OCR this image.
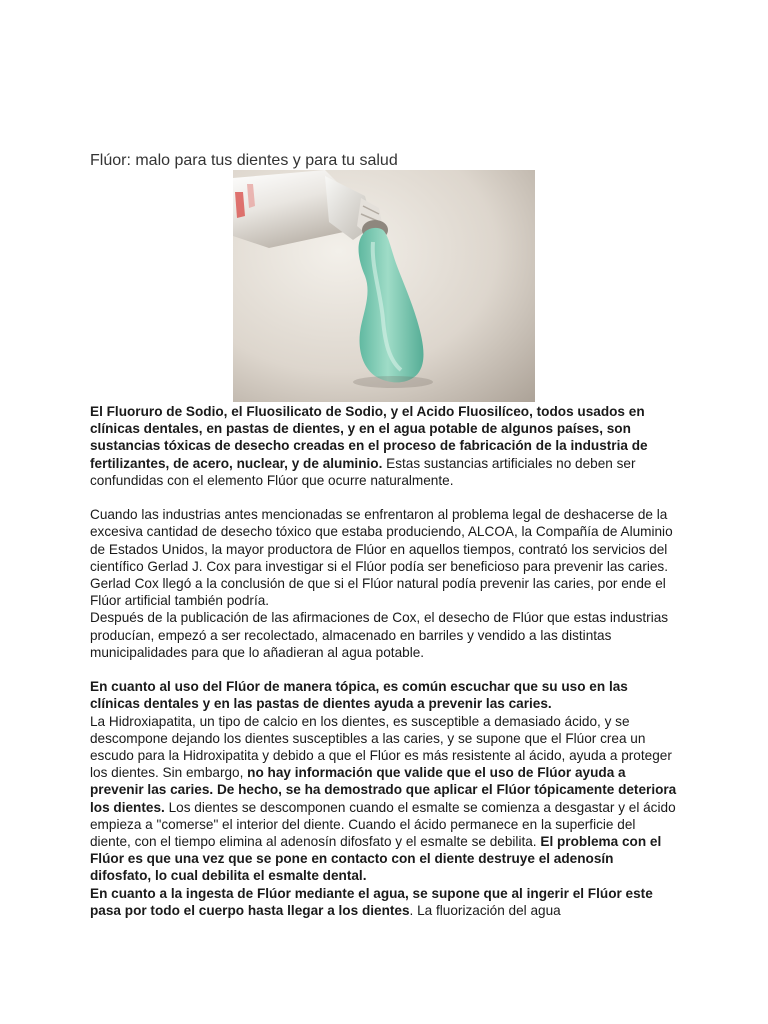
Flúor: malo para tus dientes y para tu salud

El Fluoruro de Sodio, el Fluosilicato de Sodio, y el Acido Fluosilíceo, todos usados en clínicas dentales, en pastas de dientes, y en el agua potable de algunos países, son sustancias tóxicas de desecho creadas en el proceso de fabricación de la industria de fertilizantes, de acero, nuclear, y de aluminio. Estas sustancias artificiales no deben ser confundidas con el elemento Flúor que ocurre naturalmente.

Cuando las industrias antes mencionadas se enfrentaron al problema legal de deshacerse de la excesiva cantidad de desecho tóxico que estaba produciendo, ALCOA, la Compañía de Aluminio de Estados Unidos, la mayor productora de Flúor en aquellos tiempos, contrató los servicios del científico Gerlad J. Cox para investigar si el Flúor podía ser beneficioso para prevenir las caries. Gerlad Cox llegó a la conclusión de que si el Flúor natural podía prevenir las caries, por ende el Flúor artificial también podría.

Después de la publicación de las afirmaciones de Cox, el desecho de Flúor que estas industrias producían, empezó a ser recolectado, almacenado en barriles y vendido a las distintas municipalidades para que lo añadieran al agua potable.

En cuanto al uso del Flúor de manera tópica, es común escuchar que su uso en las clínicas dentales y en las pastas de dientes ayuda a prevenir las caries.

La Hidroxiapatita, un tipo de calcio en los dientes, es susceptible a demasiado ácido, y se descompone dejando los dientes susceptibles a las caries, y se supone que el Flúor crea un escudo para la Hidroxipatita y debido a que el Flúor es más resistente al ácido, ayuda a proteger los dientes. Sin embargo, no hay información que valide que el uso de Flúor ayuda a prevenir las caries. De hecho, se ha demostrado que aplicar el Flúor tópicamente deteriora los dientes. Los dientes se descomponen cuando el esmalte se comienza a desgastar y el ácido empieza a "comerse" el interior del diente. Cuando el ácido permanece en la superficie del diente, con el tiempo elimina al adenosín difosfato y el esmalte se debilita. El problema con el Flúor es que una vez que se pone en contacto con el diente destruye el adenosín difosfato, lo cual debilita el esmalte dental.

En cuanto a la ingesta de Flúor mediante el agua, se supone que al ingerir el Flúor este pasa por todo el cuerpo hasta llegar a los dientes. La fluorización del agua
